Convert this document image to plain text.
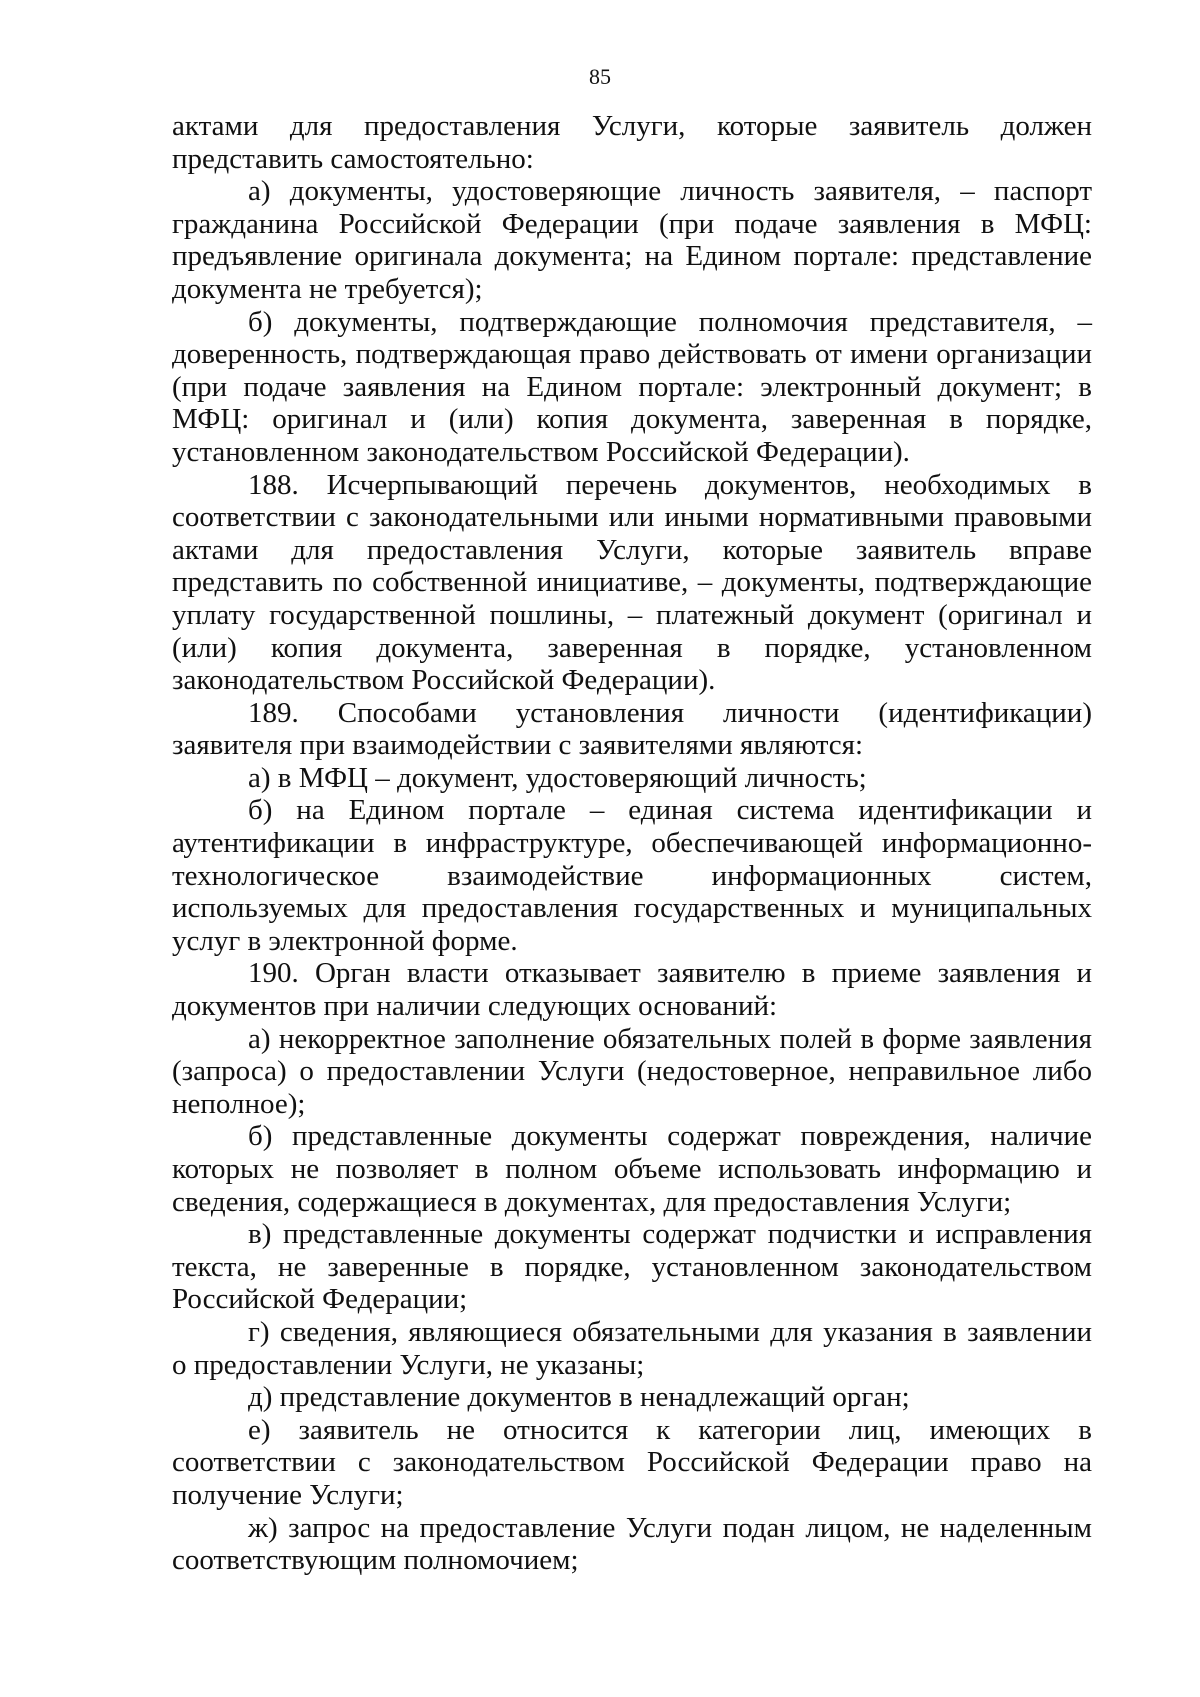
85

актами для предоставления Услуги, которые заявитель должен представить самостоятельно:

а) документы, удостоверяющие личность заявителя, – паспорт гражданина Российской Федерации (при подаче заявления в МФЦ: предъявление оригинала документа; на Едином портале: представление документа не требуется);

б) документы, подтверждающие полномочия представителя, – доверенность, подтверждающая право действовать от имени организации (при подаче заявления на Едином портале: электронный документ; в МФЦ: оригинал и (или) копия документа, заверенная в порядке, установленном законодательством Российской Федерации).

188. Исчерпывающий перечень документов, необходимых в соответствии с законодательными или иными нормативными правовыми актами для предоставления Услуги, которые заявитель вправе представить по собственной инициативе, – документы, подтверждающие уплату государственной пошлины, – платежный документ (оригинал и (или) копия документа, заверенная в порядке, установленном законодательством Российской Федерации).

189. Способами установления личности (идентификации) заявителя при взаимодействии с заявителями являются:

а) в МФЦ – документ, удостоверяющий личность;

б) на Едином портале – единая система идентификации и аутентификации в инфраструктуре, обеспечивающей информационно-технологическое взаимодействие информационных систем, используемых для предоставления государственных и муниципальных услуг в электронной форме.

190. Орган власти отказывает заявителю в приеме заявления и документов при наличии следующих оснований:

а) некорректное заполнение обязательных полей в форме заявления (запроса) о предоставлении Услуги (недостоверное, неправильное либо неполное);

б) представленные документы содержат повреждения, наличие которых не позволяет в полном объеме использовать информацию и сведения, содержащиеся в документах, для предоставления Услуги;

в) представленные документы содержат подчистки и исправления текста, не заверенные в порядке, установленном законодательством Российской Федерации;

г) сведения, являющиеся обязательными для указания в заявлении о предоставлении Услуги, не указаны;

д) представление документов в ненадлежащий орган;

е) заявитель не относится к категории лиц, имеющих в соответствии с законодательством Российской Федерации право на получение Услуги;

ж) запрос на предоставление Услуги подан лицом, не наделенным соответствующим полномочием;
